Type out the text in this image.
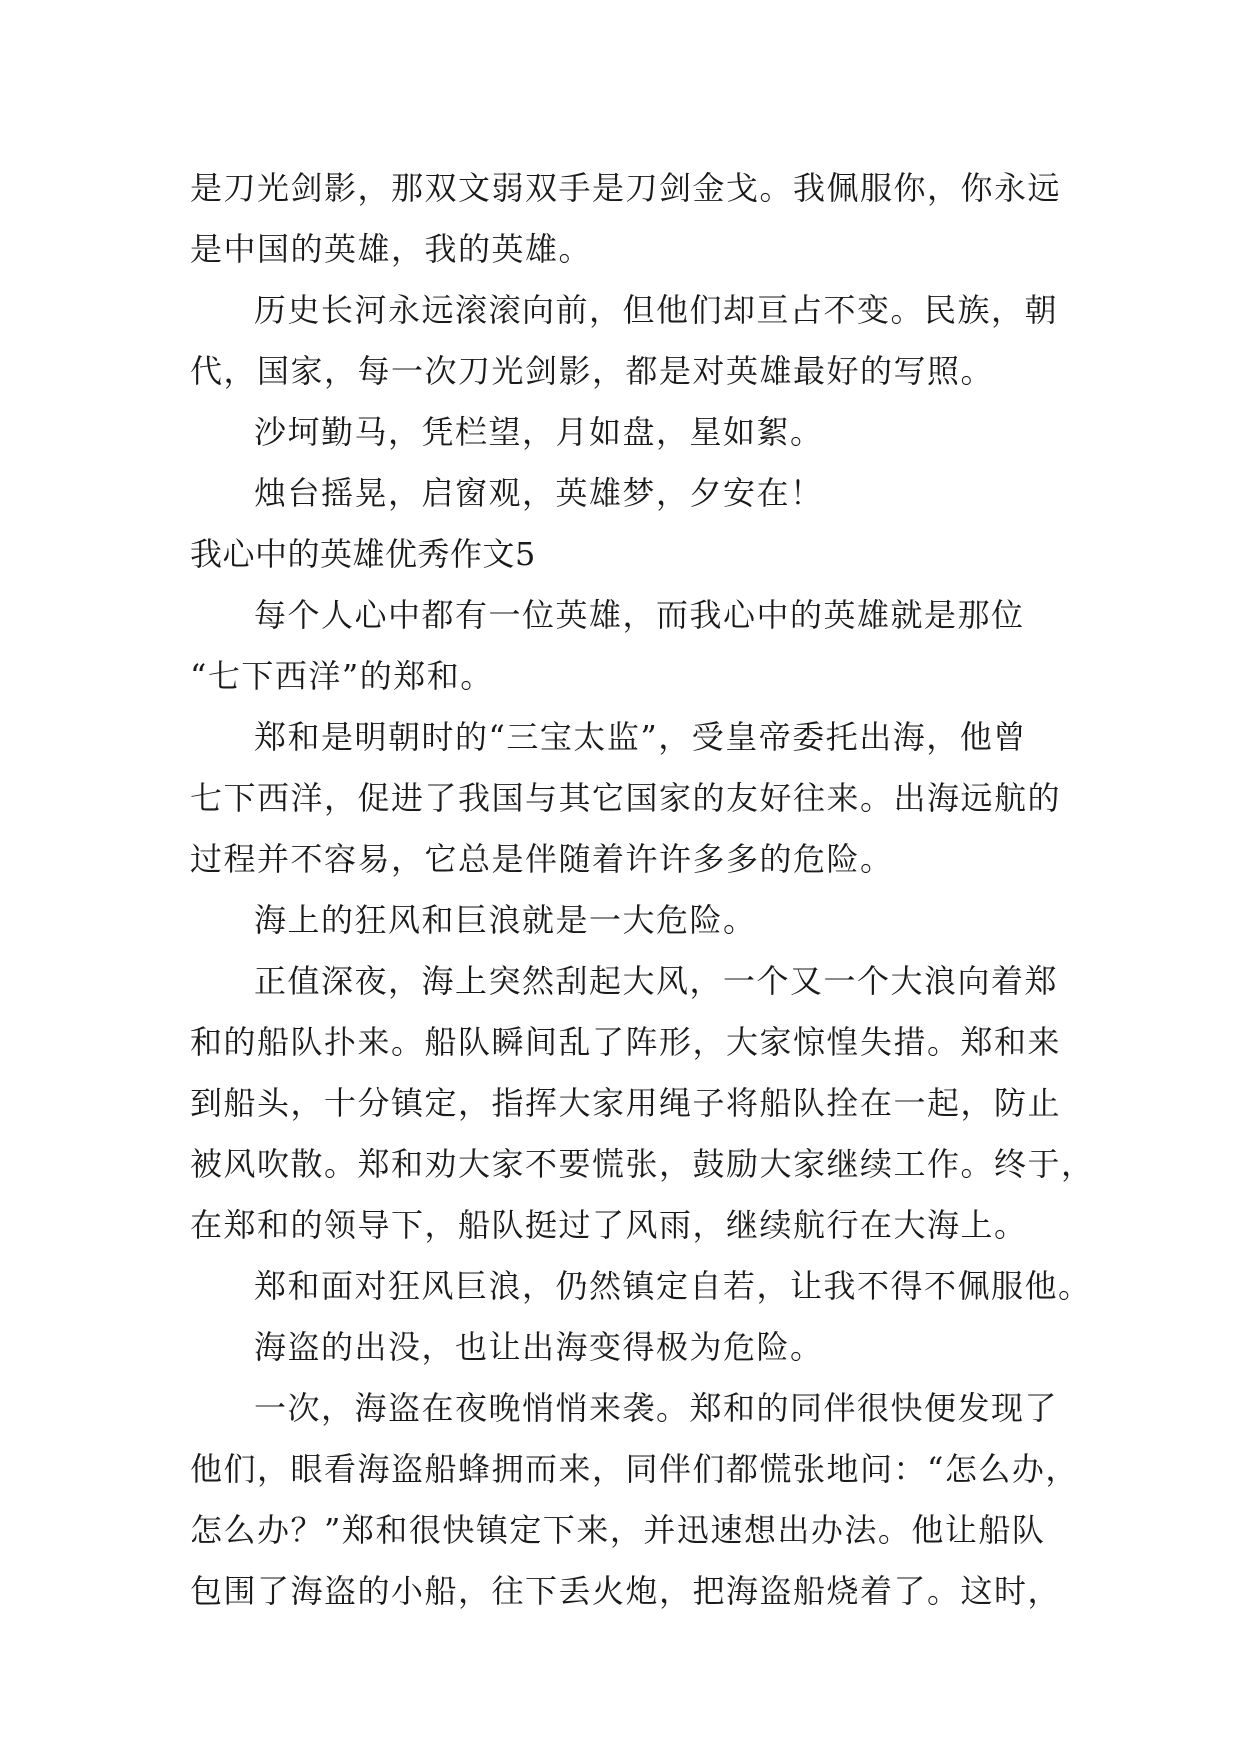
是刀光剑影，那双文弱双手是刀剑金戈。我佩服你，你永远
是中国的英雄，我的英雄。
历史长河永远滚滚向前，但他们却亘占不变。民族，朝
代，国家，每一次刀光剑影，都是对英雄最好的写照。
沙坷勤马，凭栏望，月如盘，星如絮。
烛台摇晃，启窗观，英雄梦，夕安在！
我心中的英雄优秀作文5
每个人心中都有一位英雄，而我心中的英雄就是那位
“七下西洋”的郑和。
郑和是明朝时的“三宝太监”，受皇帝委托出海，他曾
七下西洋，促进了我国与其它国家的友好往来。出海远航的
过程并不容易，它总是伴随着许许多多的危险。
海上的狂风和巨浪就是一大危险。
正值深夜，海上突然刮起大风，一个又一个大浪向着郑
和的船队扑来。船队瞬间乱了阵形，大家惊惶失措。郑和来
到船头，十分镇定，指挥大家用绳子将船队拴在一起，防止
被风吹散。郑和劝大家不要慌张，鼓励大家继续工作。终于，
在郑和的领导下，船队挺过了风雨，继续航行在大海上。
郑和面对狂风巨浪，仍然镇定自若，让我不得不佩服他。
海盗的出没，也让出海变得极为危险。
一次，海盗在夜晚悄悄来袭。郑和的同伴很快便发现了
他们，眼看海盗船蜂拥而来，同伴们都慌张地问：“怎么办，
怎么办？”郑和很快镇定下来，并迅速想出办法。他让船队
包围了海盗的小船，往下丢火炮，把海盗船烧着了。这时，
